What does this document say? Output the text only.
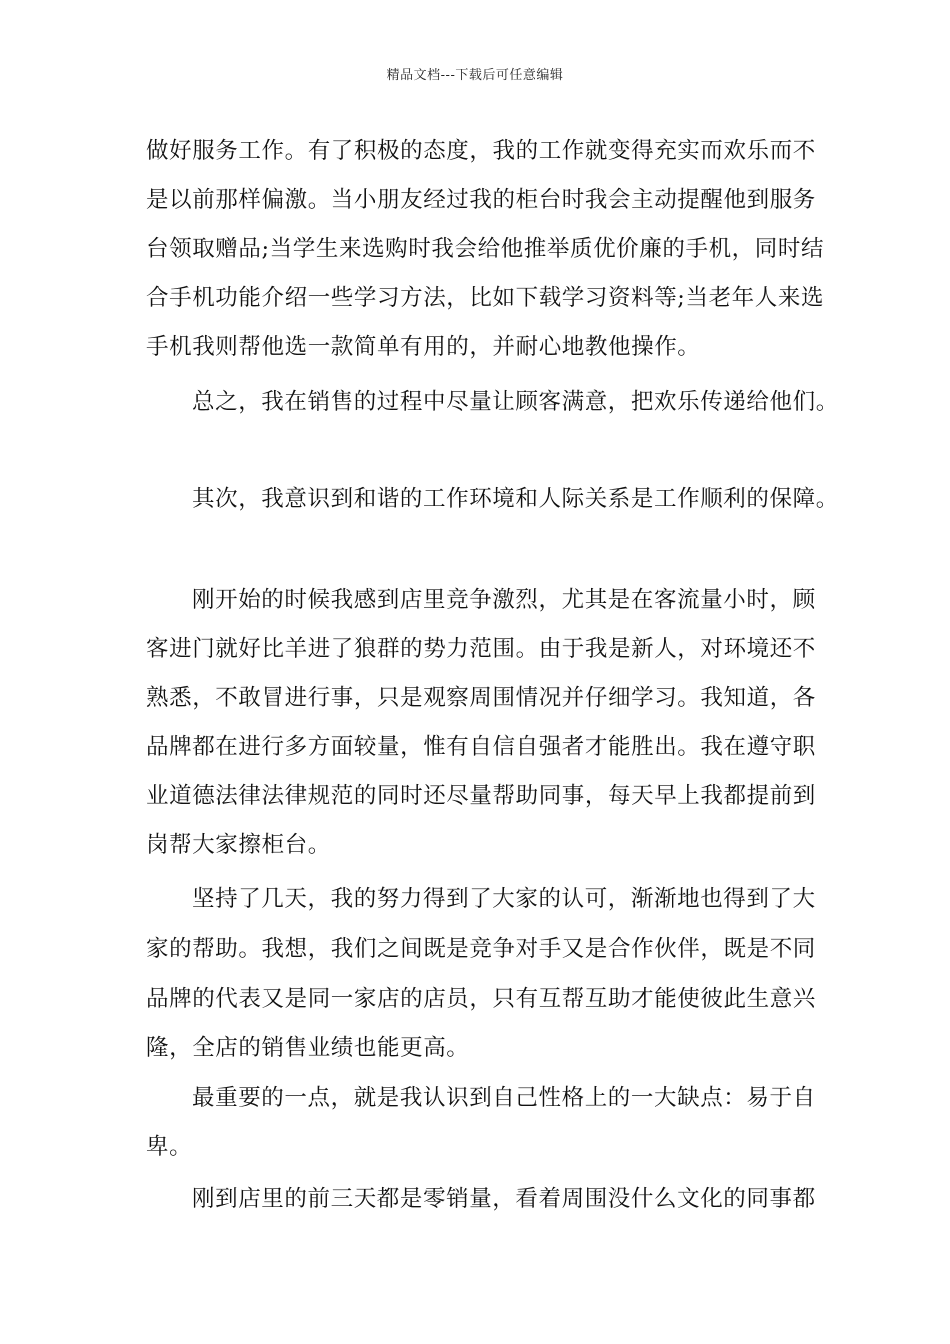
精品文档---下载后可任意编辑
做好服务工作。有了积极的态度，我的工作就变得充实而欢乐而不
是以前那样偏激。当小朋友经过我的柜台时我会主动提醒他到服务
台领取赠品;当学生来选购时我会给他推举质优价廉的手机，同时结
合手机功能介绍一些学习方法，比如下载学习资料等;当老年人来选
手机我则帮他选一款简单有用的，并耐心地教他操作。
总之，我在销售的过程中尽量让顾客满意，把欢乐传递给他们。
其次，我意识到和谐的工作环境和人际关系是工作顺利的保障。
刚开始的时候我感到店里竞争激烈，尤其是在客流量小时，顾
客进门就好比羊进了狼群的势力范围。由于我是新人，对环境还不
熟悉，不敢冒进行事，只是观察周围情况并仔细学习。我知道，各
品牌都在进行多方面较量，惟有自信自强者才能胜出。我在遵守职
业道德法律法律规范的同时还尽量帮助同事，每天早上我都提前到
岗帮大家擦柜台。
坚持了几天，我的努力得到了大家的认可，渐渐地也得到了大
家的帮助。我想，我们之间既是竞争对手又是合作伙伴，既是不同
品牌的代表又是同一家店的店员，只有互帮互助才能使彼此生意兴
隆，全店的销售业绩也能更高。
最重要的一点，就是我认识到自己性格上的一大缺点：易于自
卑。
刚到店里的前三天都是零销量，看着周围没什么文化的同事都
